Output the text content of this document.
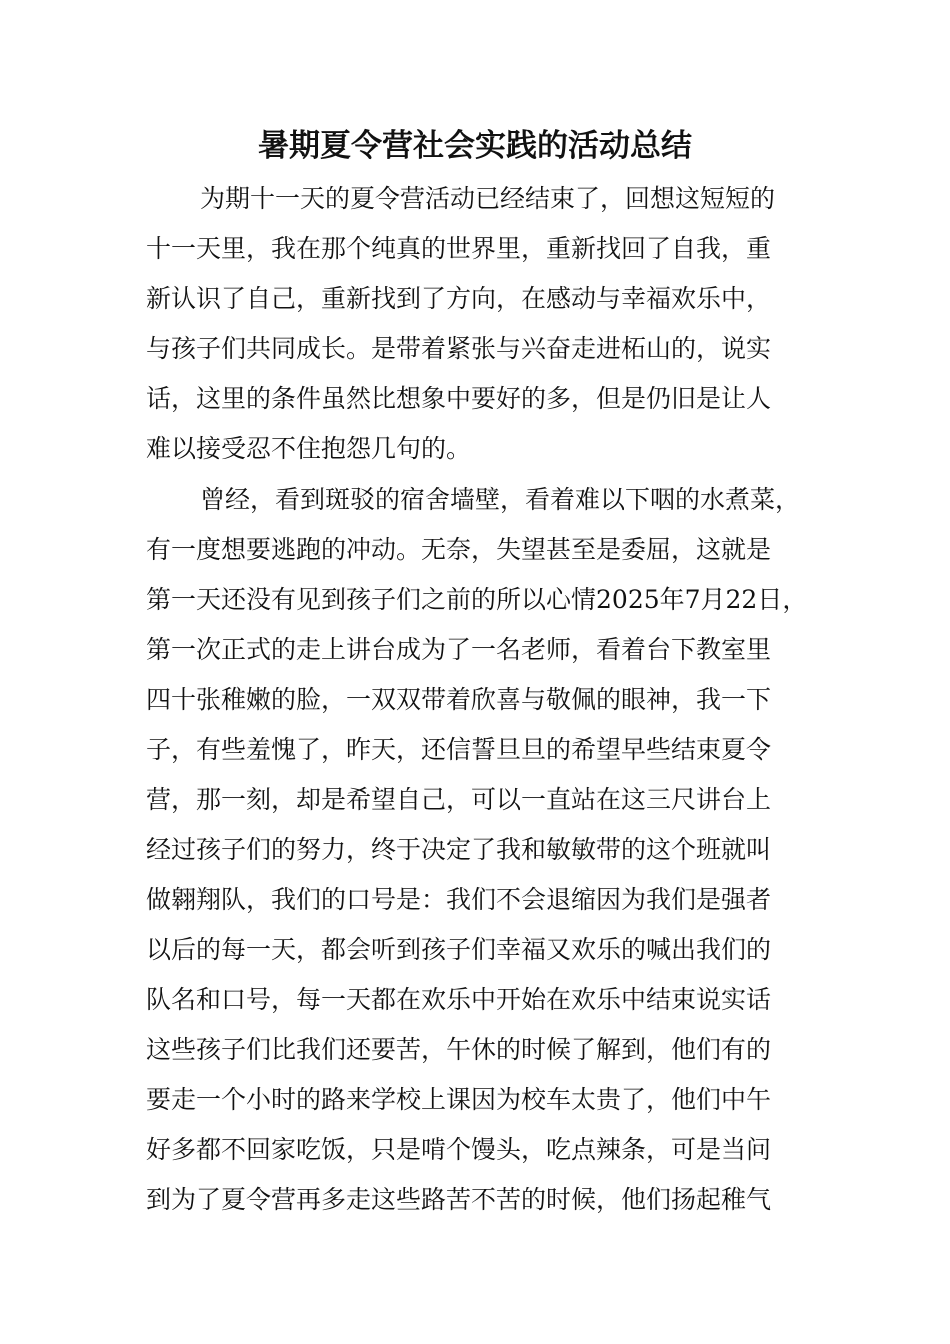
暑期夏令营社会实践的活动总结
为期十一天的夏令营活动已经结束了，回想这短短的
十一天里，我在那个纯真的世界里，重新找回了自我，重
新认识了自己，重新找到了方向，在感动与幸福欢乐中，
与孩子们共同成长。是带着紧张与兴奋走进柘山的，说实
话，这里的条件虽然比想象中要好的多，但是仍旧是让人
难以接受忍不住抱怨几句的。
曾经，看到斑驳的宿舍墙壁，看着难以下咽的水煮菜，
有一度想要逃跑的冲动。无奈，失望甚至是委屈，这就是
第一天还没有见到孩子们之前的所以心情2025年7月22日，
第一次正式的走上讲台成为了一名老师，看着台下教室里
四十张稚嫩的脸，一双双带着欣喜与敬佩的眼神，我一下
子，有些羞愧了，昨天，还信誓旦旦的希望早些结束夏令
营，那一刻，却是希望自己，可以一直站在这三尺讲台上
经过孩子们的努力，终于决定了我和敏敏带的这个班就叫
做翱翔队，我们的口号是：我们不会退缩因为我们是强者
以后的每一天，都会听到孩子们幸福又欢乐的喊出我们的
队名和口号，每一天都在欢乐中开始在欢乐中结束说实话
这些孩子们比我们还要苦，午休的时候了解到，他们有的
要走一个小时的路来学校上课因为校车太贵了，他们中午
好多都不回家吃饭，只是啃个馒头，吃点辣条，可是当问
到为了夏令营再多走这些路苦不苦的时候，他们扬起稚气
